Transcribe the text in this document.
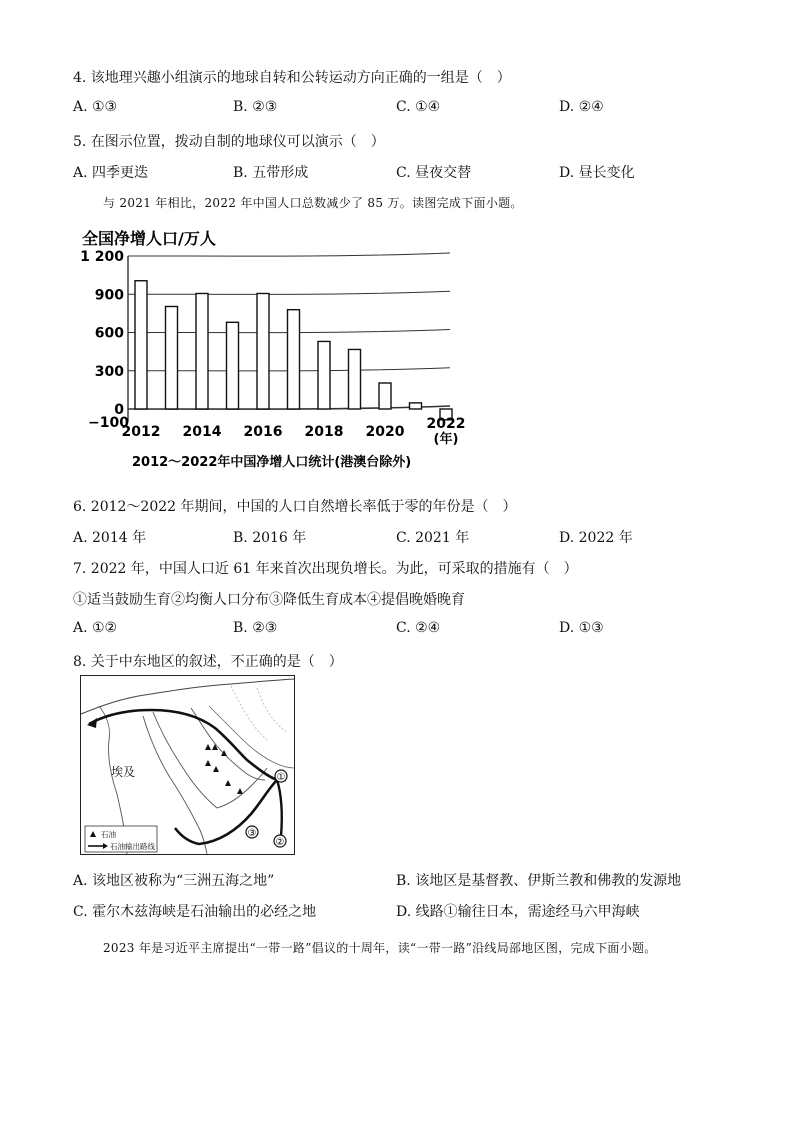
4. 该地理兴趣小组演示的地球自转和公转运动方向正确的一组是（　）
A. ①③	B. ②③	C. ①④	D. ②④
5. 在图示位置，拨动自制的地球仪可以演示（　）
A. 四季更迭	B. 五带形成	C. 昼夜交替	D. 昼长变化
与 2021 年相比，2022 年中国人口总数减少了 85 万。读图完成下面小题。
全国净增人口/万人
1 200
900
600
300
0
−100
2012 2014 2016 2018 2020 2022
(年)
2012～2022年中国净增人口统计(港澳台除外)
6. 2012～2022 年期间，中国的人口自然增长率低于零的年份是（　）
A. 2014 年	B. 2016 年	C. 2021 年	D. 2022 年
7. 2022 年，中国人口近 61 年来首次出现负增长。为此，可采取的措施有（　）
①适当鼓励生育②均衡人口分布③降低生育成本④提倡晚婚晚育
A. ①②	B. ②③	C. ②④	D. ①③
8. 关于中东地区的叙述，不正确的是（　）
①
②
③
埃及
石油
石油输出路线
A. 该地区被称为“三洲五海之地”	B. 该地区是基督教、伊斯兰教和佛教的发源地
C. 霍尔木兹海峡是石油输出的必经之地	D. 线路①输往日本，需途经马六甲海峡
2023 年是习近平主席提出“一带一路”倡议的十周年，读“一带一路”沿线局部地区图，完成下面小题。
